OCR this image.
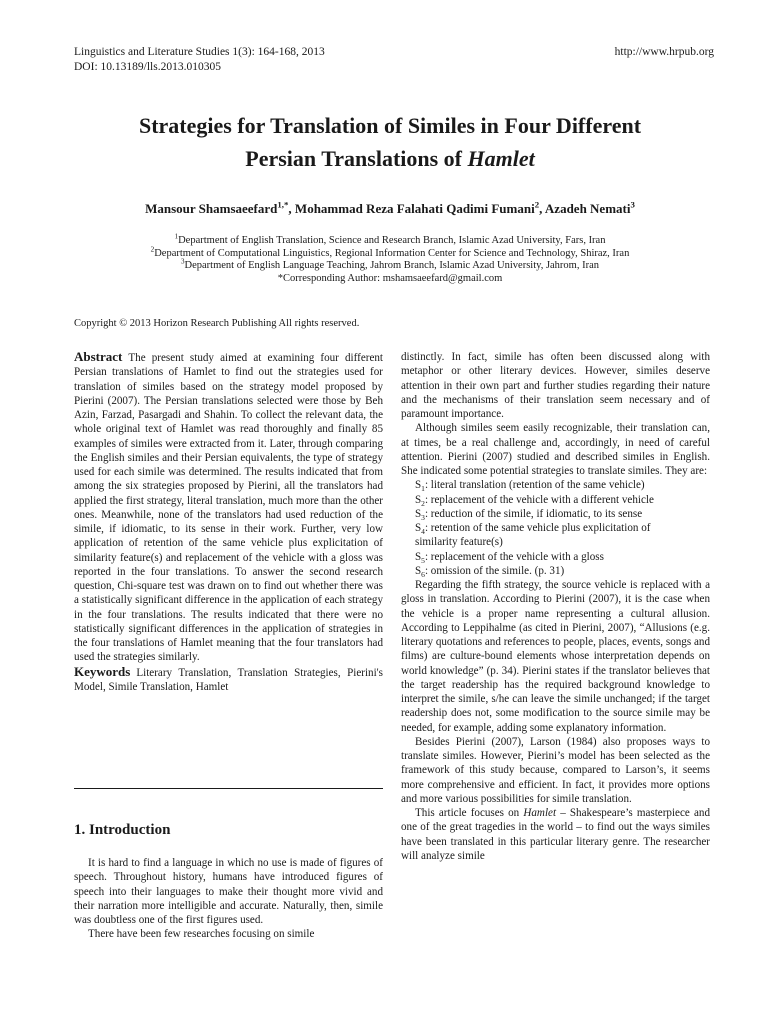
Linguistics and Literature Studies 1(3): 164-168, 2013
DOI: 10.13189/lls.2013.010305
http://www.hrpub.org
Strategies for Translation of Similes in Four Different
Persian Translations of Hamlet
Mansour Shamsaeefard$^{1,*}$, Mohammad Reza Falahati Qadimi Fumani$^2$, Azadeh Nemati$^3$
$^1$Department of English Translation, Science and Research Branch, Islamic Azad University, Fars, Iran
$^2$Department of Computational Linguistics, Regional Information Center for Science and Technology, Shiraz, Iran
$^3$Department of English Language Teaching, Jahrom Branch, Islamic Azad University, Jahrom, Iran
*Corresponding Author: mshamsaeefard@gmail.com
Copyright © 2013 Horizon Research Publishing All rights reserved.

Abstract The present study aimed at examining four different Persian translations of Hamlet to find out the strategies used for translation of similes based on the strategy model proposed by Pierini (2007). The Persian translations selected were those by Beh Azin, Farzad, Pasargadi and Shahin. To collect the relevant data, the whole original text of Hamlet was read thoroughly and finally 85 examples of similes were extracted from it. Later, through comparing the English similes and their Persian equivalents, the type of strategy used for each simile was determined. The results indicated that from among the six strategies proposed by Pierini, all the translators had applied the first strategy, literal translation, much more than the other ones. Meanwhile, none of the translators had used reduction of the simile, if idiomatic, to its sense in their work. Further, very low application of retention of the same vehicle plus explicitation of similarity feature(s) and replacement of the vehicle with a gloss was reported in the four translations. To answer the second research question, Chi-square test was drawn on to find out whether there was a statistically significant difference in the application of each strategy in the four translations. The results indicated that there were no statistically significant differences in the application of strategies in the four translations of Hamlet meaning that the four translators had used the strategies similarly.

Keywords Literary Translation, Translation Strategies, Pierini's Model, Simile Translation, Hamlet

1. Introduction

It is hard to find a language in which no use is made of figures of speech. Throughout history, humans have introduced figures of speech into their languages to make their thought more vivid and their narration more intelligible and accurate. Naturally, then, simile was doubtless one of the first figures used.

There have been few researches focusing on simile

distinctly. In fact, simile has often been discussed along with metaphor or other literary devices. However, similes deserve attention in their own part and further studies regarding their nature and the mechanisms of their translation seem necessary and of paramount importance.

Although similes seem easily recognizable, their translation can, at times, be a real challenge and, accordingly, in need of careful attention. Pierini (2007) studied and described similes in English. She indicated some potential strategies to translate similes. They are:

$S_1$: literal translation (retention of the same vehicle)

$S_2$: replacement of the vehicle with a different vehicle

$S_3$: reduction of the simile, if idiomatic, to its sense

$S_4$: retention of the same vehicle plus explicitation of

similarity feature(s)

$S_5$: replacement of the vehicle with a gloss

$S_6$: omission of the simile. (p. 31)

Regarding the fifth strategy, the source vehicle is replaced with a gloss in translation. According to Pierini (2007), it is the case when the vehicle is a proper name representing a cultural allusion. According to Leppihalme (as cited in Pierini, 2007), “Allusions (e.g. literary quotations and references to people, places, events, songs and films) are culture-bound elements whose interpretation depends on world knowledge” (p. 34). Pierini states if the translator believes that the target readership has the required background knowledge to interpret the simile, s/he can leave the simile unchanged; if the target readership does not, some modification to the source simile may be needed, for example, adding some explanatory information.

Besides Pierini (2007), Larson (1984) also proposes ways to translate similes. However, Pierini’s model has been selected as the framework of this study because, compared to Larson’s, it seems more comprehensive and efficient. In fact, it provides more options and more various possibilities for simile translation.

This article focuses on Hamlet – Shakespeare’s masterpiece and one of the great tragedies in the world – to find out the ways similes have been translated in this particular literary genre. The researcher will analyze simile
